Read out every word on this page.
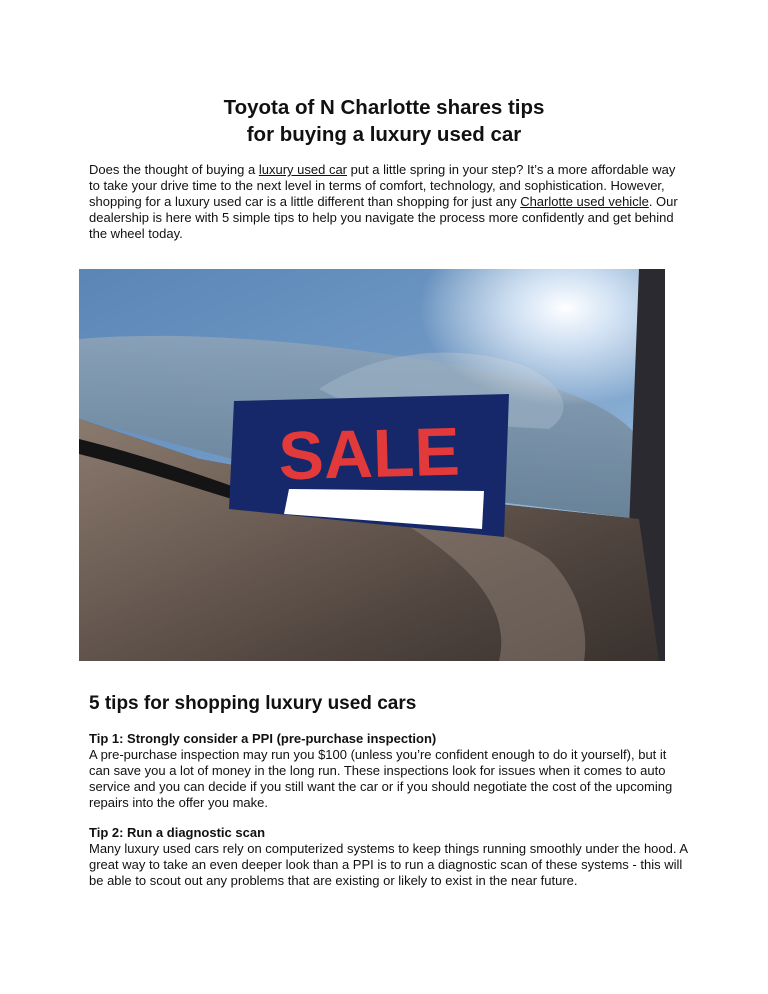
Toyota of N Charlotte shares tips
for buying a luxury used car

Does the thought of buying a luxury used car put a little spring in your step? It’s a more affordable way to take your drive time to the next level in terms of comfort, technology, and sophistication. However, shopping for a luxury used car is a little different than shopping for just any Charlotte used vehicle. Our dealership is here with 5 simple tips to help you navigate the process more confidently and get behind the wheel today.

SALE
5 tips for shopping luxury used cars
Tip 1: Strongly consider a PPI (pre-purchase inspection)

A pre-purchase inspection may run you $100 (unless you’re confident enough to do it yourself), but it can save you a lot of money in the long run. These inspections look for issues when it comes to auto service and you can decide if you still want the car or if you should negotiate the cost of the upcoming repairs into the offer you make.

Tip 2: Run a diagnostic scan

Many luxury used cars rely on computerized systems to keep things running smoothly under the hood. A great way to take an even deeper look than a PPI is to run a diagnostic scan of these systems - this will be able to scout out any problems that are existing or likely to exist in the near future.
